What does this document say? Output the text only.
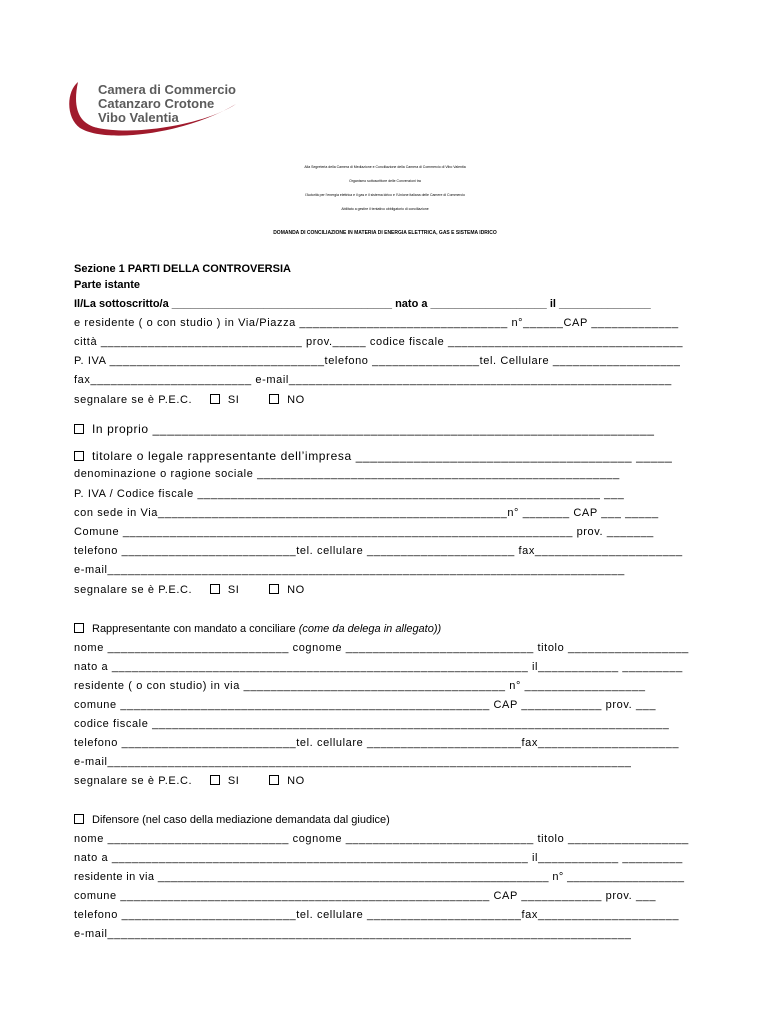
Camera di Commercio
Catanzaro Crotone
Vibo Valentia
Alla Segreteria della Camera di Mediazione e Conciliazione della Camera di Commercio di Vibo Valentia
Organismo sottoscrittore delle Convenzioni tra
l’Autorità per l’energia elettrica e il gas e il sistema idrico e l’Unione italiana delle Camere di Commercio
Abilitato a gestire il tentativo obbligatorio di conciliazione
DOMANDA DI CONCILIAZIONE IN MATERIA DI ENERGIA ELETTRICA, GAS E SISTEMA IDRICO
Sezione 1 PARTI DELLA CONTROVERSIA
Parte istante
Il/La sottoscritto/a ____________________________________ nato a ___________________ il _______________
e residente ( o con studio ) in Via/Piazza _______________________________ n°______CAP _____________
città ______________________________ prov._____ codice fiscale ___________________________________
P. IVA ________________________________telefono ________________tel. Cellulare ___________________
fax________________________ e-mail_________________________________________________________
segnalare se è P.E.C.	SI	NO
In proprio _____________________________________________________________________
titolare o legale rappresentante dell’impresa ______________________________________ _____
denominazione o ragione sociale ______________________________________________________
P. IVA / Codice fiscale ____________________________________________________________ ___
con sede in Via____________________________________________________n° _______ CAP ___ _____
Comune ___________________________________________________________________ prov. _______
telefono __________________________tel. cellulare ______________________ fax______________________
e-mail_____________________________________________________________________________
segnalare se è P.E.C.	SI	NO
Rappresentante con mandato a conciliare (come da delega in allegato))
nome ___________________________ cognome ____________________________ titolo __________________
nato a ______________________________________________________________ il____________ _________
residente ( o con studio) in via _______________________________________ n° __________________
comune _______________________________________________________ CAP ____________ prov. ___
codice fiscale _____________________________________________________________________________
telefono __________________________tel. cellulare _______________________fax_____________________
e-mail______________________________________________________________________________
segnalare se è P.E.C.	SI	NO
Difensore (nel caso della mediazione demandata dal giudice)
nome ___________________________ cognome ____________________________ titolo __________________
nato a ______________________________________________________________ il____________ _________
residente in via ____________________________________________________________ n° __________________
comune _______________________________________________________ CAP ____________ prov. ___
telefono __________________________tel. cellulare _______________________fax_____________________
e-mail______________________________________________________________________________
